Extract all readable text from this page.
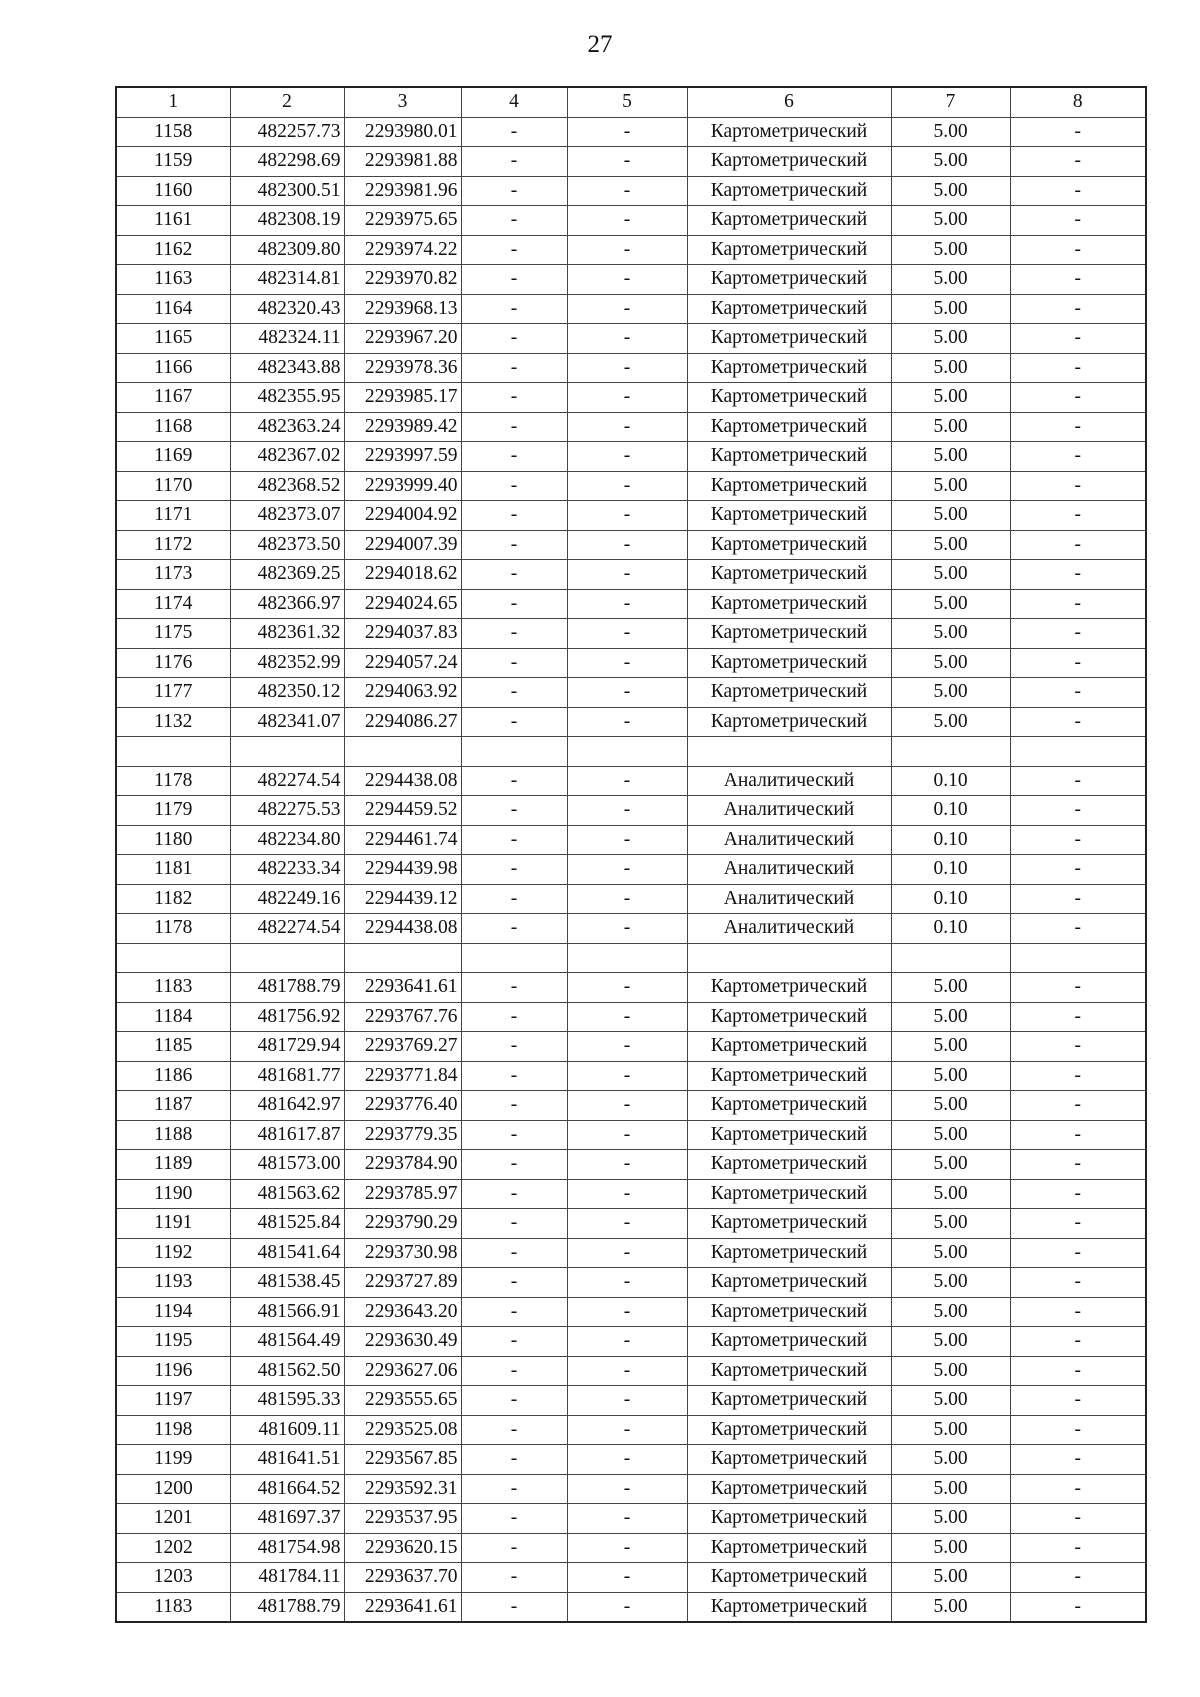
27
1	2	3	4	5	6	7	8
1158	482257.73	2293980.01	-	-	Картометрический	5.00	-
1159	482298.69	2293981.88	-	-	Картометрический	5.00	-
1160	482300.51	2293981.96	-	-	Картометрический	5.00	-
1161	482308.19	2293975.65	-	-	Картометрический	5.00	-
1162	482309.80	2293974.22	-	-	Картометрический	5.00	-
1163	482314.81	2293970.82	-	-	Картометрический	5.00	-
1164	482320.43	2293968.13	-	-	Картометрический	5.00	-
1165	482324.11	2293967.20	-	-	Картометрический	5.00	-
1166	482343.88	2293978.36	-	-	Картометрический	5.00	-
1167	482355.95	2293985.17	-	-	Картометрический	5.00	-
1168	482363.24	2293989.42	-	-	Картометрический	5.00	-
1169	482367.02	2293997.59	-	-	Картометрический	5.00	-
1170	482368.52	2293999.40	-	-	Картометрический	5.00	-
1171	482373.07	2294004.92	-	-	Картометрический	5.00	-
1172	482373.50	2294007.39	-	-	Картометрический	5.00	-
1173	482369.25	2294018.62	-	-	Картометрический	5.00	-
1174	482366.97	2294024.65	-	-	Картометрический	5.00	-
1175	482361.32	2294037.83	-	-	Картометрический	5.00	-
1176	482352.99	2294057.24	-	-	Картометрический	5.00	-
1177	482350.12	2294063.92	-	-	Картометрический	5.00	-
1132	482341.07	2294086.27	-	-	Картометрический	5.00	-

1178	482274.54	2294438.08	-	-	Аналитический	0.10	-
1179	482275.53	2294459.52	-	-	Аналитический	0.10	-
1180	482234.80	2294461.74	-	-	Аналитический	0.10	-
1181	482233.34	2294439.98	-	-	Аналитический	0.10	-
1182	482249.16	2294439.12	-	-	Аналитический	0.10	-
1178	482274.54	2294438.08	-	-	Аналитический	0.10	-

1183	481788.79	2293641.61	-	-	Картометрический	5.00	-
1184	481756.92	2293767.76	-	-	Картометрический	5.00	-
1185	481729.94	2293769.27	-	-	Картометрический	5.00	-
1186	481681.77	2293771.84	-	-	Картометрический	5.00	-
1187	481642.97	2293776.40	-	-	Картометрический	5.00	-
1188	481617.87	2293779.35	-	-	Картометрический	5.00	-
1189	481573.00	2293784.90	-	-	Картометрический	5.00	-
1190	481563.62	2293785.97	-	-	Картометрический	5.00	-
1191	481525.84	2293790.29	-	-	Картометрический	5.00	-
1192	481541.64	2293730.98	-	-	Картометрический	5.00	-
1193	481538.45	2293727.89	-	-	Картометрический	5.00	-
1194	481566.91	2293643.20	-	-	Картометрический	5.00	-
1195	481564.49	2293630.49	-	-	Картометрический	5.00	-
1196	481562.50	2293627.06	-	-	Картометрический	5.00	-
1197	481595.33	2293555.65	-	-	Картометрический	5.00	-
1198	481609.11	2293525.08	-	-	Картометрический	5.00	-
1199	481641.51	2293567.85	-	-	Картометрический	5.00	-
1200	481664.52	2293592.31	-	-	Картометрический	5.00	-
1201	481697.37	2293537.95	-	-	Картометрический	5.00	-
1202	481754.98	2293620.15	-	-	Картометрический	5.00	-
1203	481784.11	2293637.70	-	-	Картометрический	5.00	-
1183	481788.79	2293641.61	-	-	Картометрический	5.00	-
